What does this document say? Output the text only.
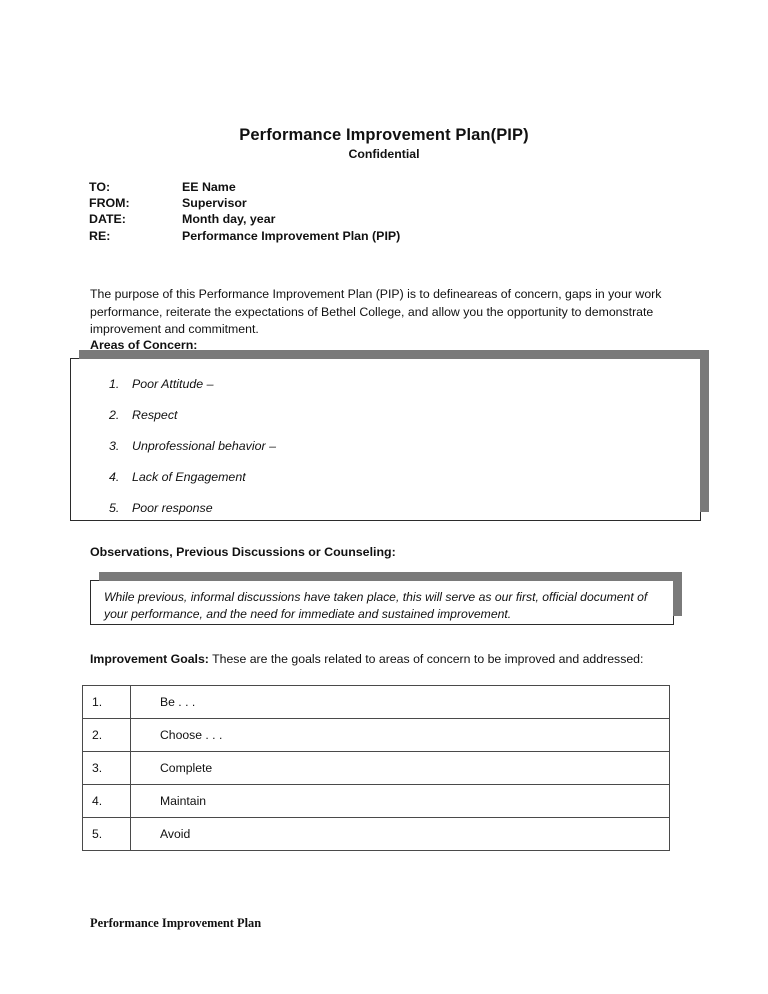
Performance Improvement Plan(PIP)
Confidential
TO:	EE Name
FROM:	Supervisor
DATE:	Month day, year
RE:	Performance Improvement Plan (PIP)

The purpose of this Performance Improvement Plan (PIP) is to defineareas of concern, gaps in your work performance, reiterate the expectations of Bethel College, and allow you the opportunity to demonstrate improvement and commitment.

Areas of Concern:
1.	Poor Attitude –
2.	Respect
3.	Unprofessional behavior –
4.	Lack of Engagement
5.	Poor response
Observations, Previous Discussions or Counseling:

While previous, informal discussions have taken place, this will serve as our first, official document of your performance, and the need for immediate and sustained improvement.

Improvement Goals: These are the goals related to areas of concern to be improved and addressed:

1.	Be . . .
2.	Choose . . .
3.	Complete
4.	Maintain
5.	Avoid
Performance Improvement Plan
